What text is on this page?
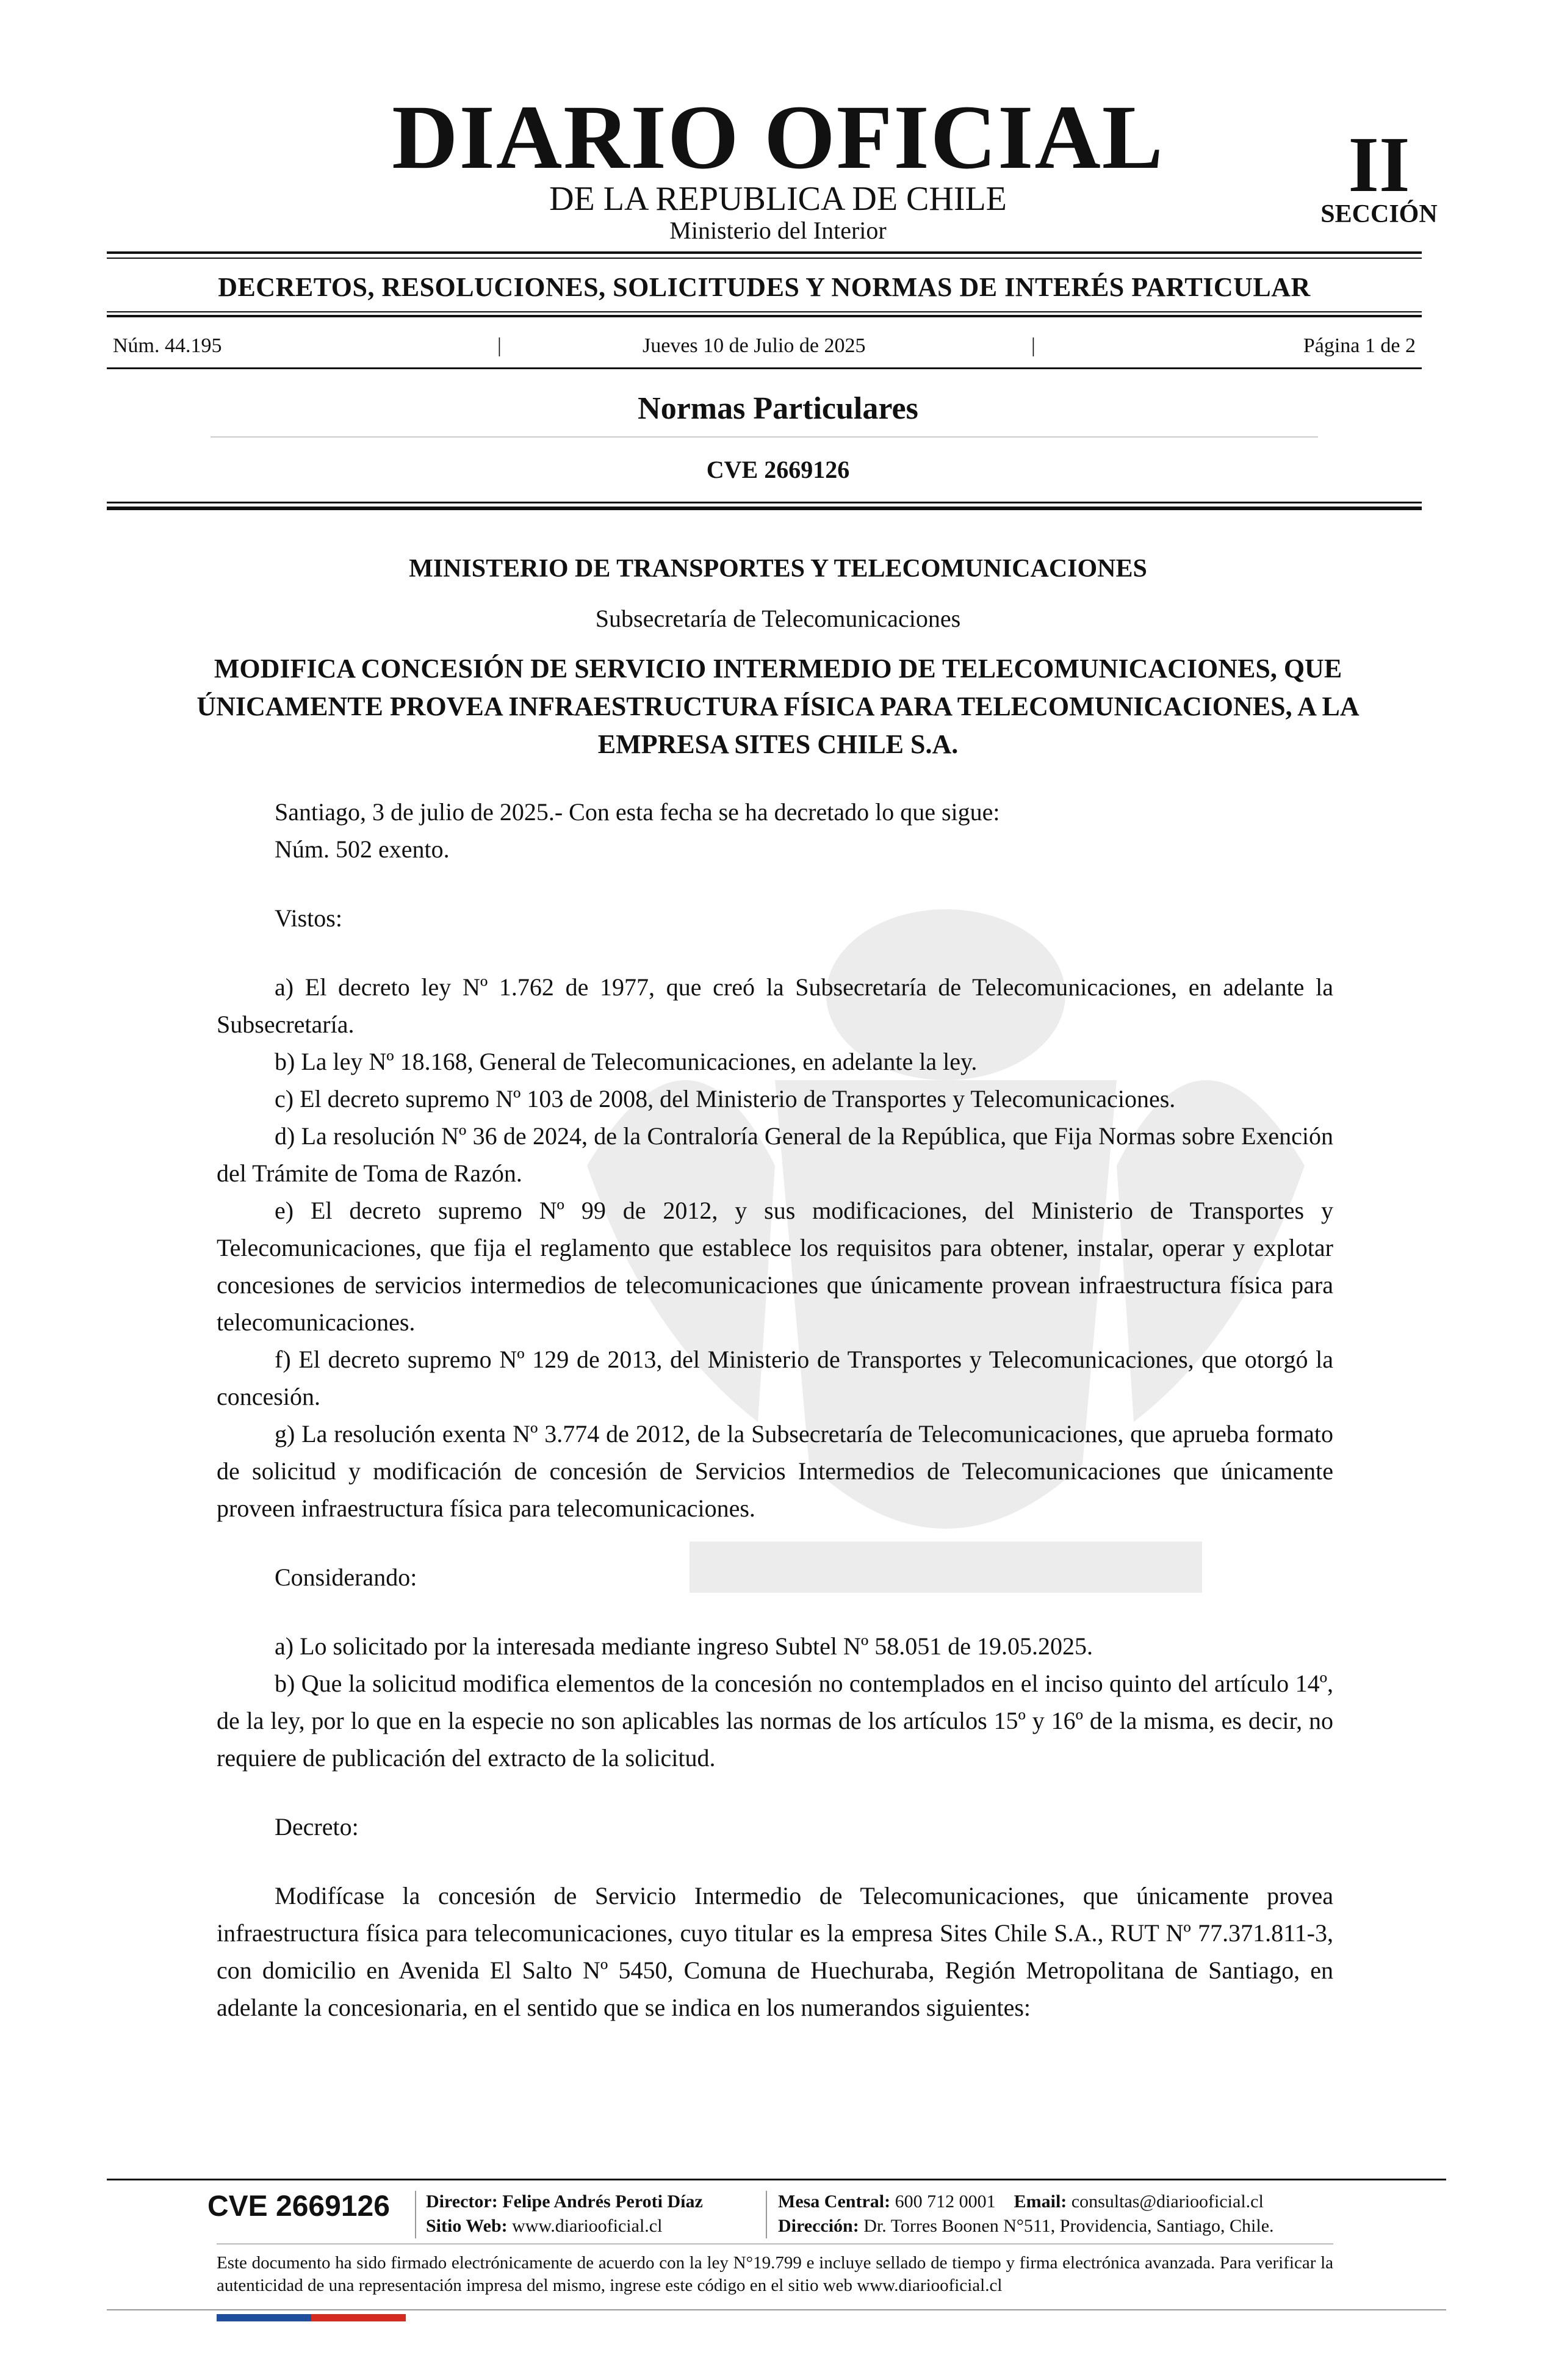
DIARIO OFICIAL
DE LA REPUBLICA DE CHILE
Ministerio del Interior
II
SECCIÓN
DECRETOS, RESOLUCIONES, SOLICITUDES Y NORMAS DE INTERÉS PARTICULAR
Núm. 44.195	|	Jueves 10 de Julio de 2025	|	Página 1 de 2
Normas Particulares
CVE 2669126
MINISTERIO DE TRANSPORTES Y TELECOMUNICACIONES
Subsecretaría de Telecomunicaciones
MODIFICA CONCESIÓN DE SERVICIO INTERMEDIO DE TELECOMUNICACIONES, QUE ÚNICAMENTE PROVEA INFRAESTRUCTURA FÍSICA PARA TELECOMUNICACIONES, A LA EMPRESA SITES CHILE S.A.

Santiago, 3 de julio de 2025.- Con esta fecha se ha decretado lo que sigue:

Núm. 502 exento.

Vistos:

a) El decreto ley Nº 1.762 de 1977, que creó la Subsecretaría de Telecomunicaciones, en adelante la Subsecretaría.

b) La ley Nº 18.168, General de Telecomunicaciones, en adelante la ley.

c) El decreto supremo Nº 103 de 2008, del Ministerio de Transportes y Telecomunicaciones.

d) La resolución Nº 36 de 2024, de la Contraloría General de la República, que Fija Normas sobre Exención del Trámite de Toma de Razón.

e) El decreto supremo Nº 99 de 2012, y sus modificaciones, del Ministerio de Transportes y Telecomunicaciones, que fija el reglamento que establece los requisitos para obtener, instalar, operar y explotar concesiones de servicios intermedios de telecomunicaciones que únicamente provean infraestructura física para telecomunicaciones.

f) El decreto supremo Nº 129 de 2013, del Ministerio de Transportes y Telecomunicaciones, que otorgó la concesión.

g) La resolución exenta Nº 3.774 de 2012, de la Subsecretaría de Telecomunicaciones, que aprueba formato de solicitud y modificación de concesión de Servicios Intermedios de Telecomunicaciones que únicamente proveen infraestructura física para telecomunicaciones.

Considerando:

a) Lo solicitado por la interesada mediante ingreso Subtel Nº 58.051 de 19.05.2025.

b) Que la solicitud modifica elementos de la concesión no contemplados en el inciso quinto del artículo 14º, de la ley, por lo que en la especie no son aplicables las normas de los artículos 15º y 16º de la misma, es decir, no requiere de publicación del extracto de la solicitud.

Decreto:

Modifícase la concesión de Servicio Intermedio de Telecomunicaciones, que únicamente provea infraestructura física para telecomunicaciones, cuyo titular es la empresa Sites Chile S.A., RUT Nº 77.371.811-3, con domicilio en Avenida El Salto Nº 5450, Comuna de Huechuraba, Región Metropolitana de Santiago, en adelante la concesionaria, en el sentido que se indica en los numerandos siguientes:

CVE 2669126 Director: Felipe Andrés Peroti Díaz
Sitio Web: www.diariooficial.cl
Mesa Central: 600 712 0001 Email: consultas@diariooficial.cl
Dirección: Dr. Torres Boonen N°511, Providencia, Santiago, Chile.
Este documento ha sido firmado electrónicamente de acuerdo con la ley N°19.799 e incluye sellado de tiempo y firma electrónica avanzada. Para verificar la autenticidad de una representación impresa del mismo, ingrese este código en el sitio web www.diariooficial.cl
